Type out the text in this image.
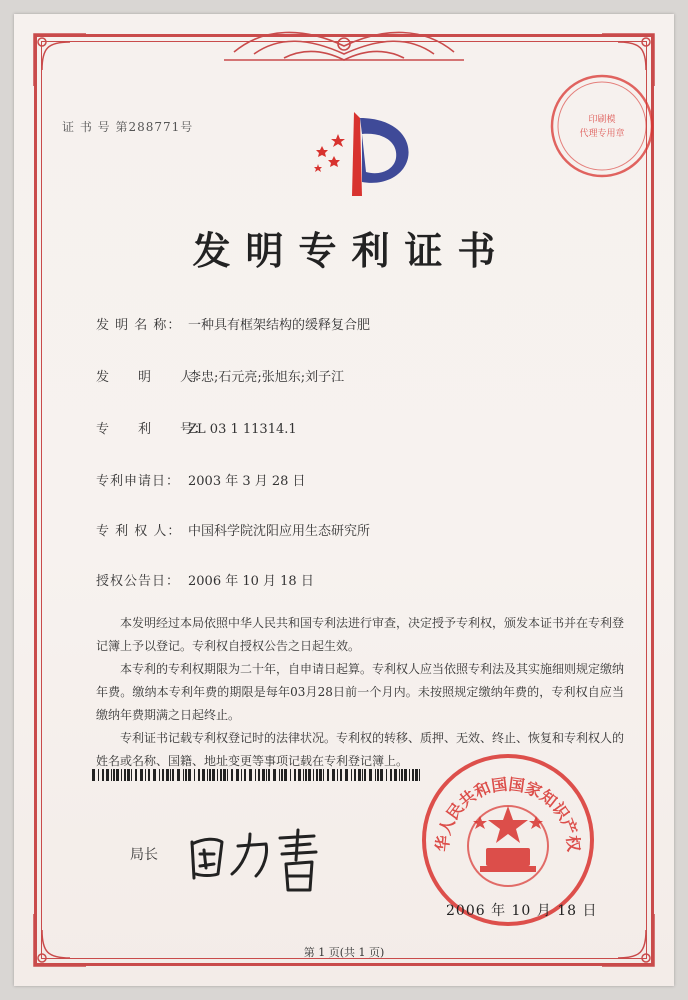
证 书 号 第288771号	印刷模
代理专用章
发明专利证书
发 明 名 称： 一种具有框架结构的缓释复合肥
发　　明　　人：李忠;石元亮;张旭东;刘子江
专　　利　　号：ZL 03 1 11314.1
专利申请日： 2003 年 3 月 28 日
专 利 权 人： 中国科学院沈阳应用生态研究所
授权公告日： 2006 年 10 月 18 日

本发明经过本局依照中华人民共和国专利法进行审查，决定授予专利权，颁发本证书并在专利登记簿上予以登记。专利权自授权公告之日起生效。

本专利的专利权期限为二十年，自申请日起算。专利权人应当依照专利法及其实施细则规定缴纳年费。缴纳本专利年费的期限是每年03月28日前一个月内。未按照规定缴纳年费的，专利权自应当缴纳年费期满之日起终止。

专利证书记载专利权登记时的法律状况。专利权的转移、质押、无效、终止、恢复和专利权人的姓名或名称、国籍、地址变更等事项记载在专利登记簿上。

华人民共和国国家知识产权
局长
2006 年 10 月 18 日
第 1 页(共 1 页)
